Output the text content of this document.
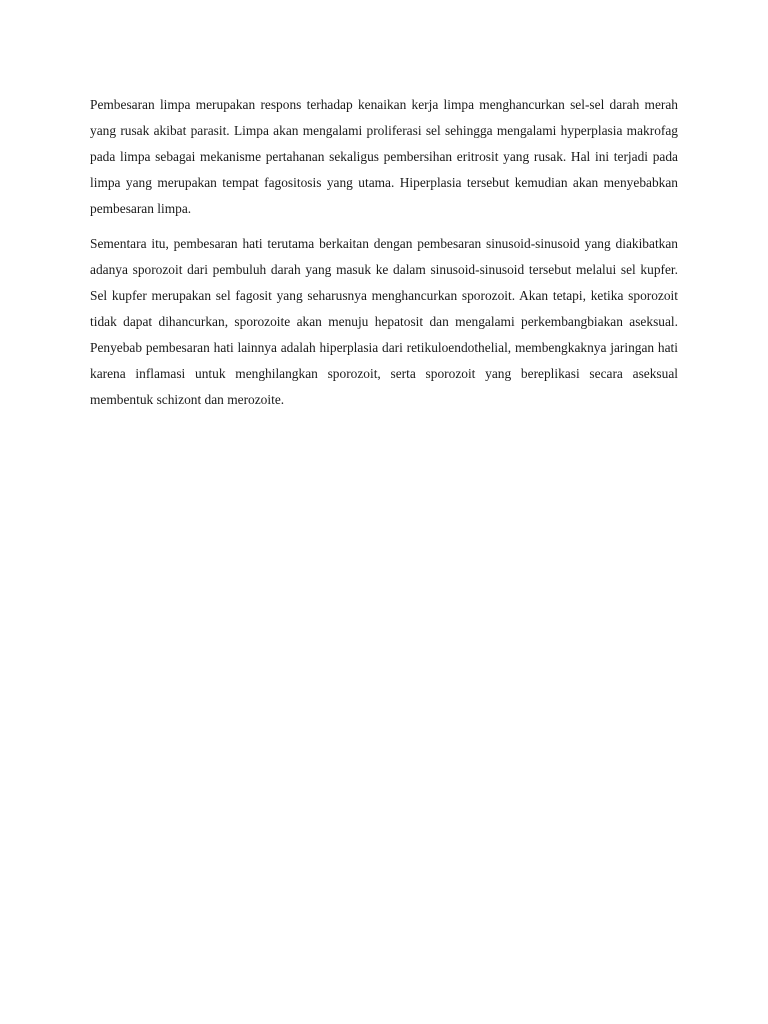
Pembesaran limpa merupakan respons terhadap kenaikan kerja limpa menghancurkan sel-sel darah merah yang rusak akibat parasit. Limpa akan mengalami proliferasi sel sehingga mengalami hyperplasia makrofag pada limpa sebagai mekanisme pertahanan sekaligus pembersihan eritrosit yang rusak. Hal ini terjadi pada limpa yang merupakan tempat fagositosis yang utama. Hiperplasia tersebut kemudian akan menyebabkan pembesaran limpa.

Sementara itu, pembesaran hati terutama berkaitan dengan pembesaran sinusoid-sinusoid yang diakibatkan adanya sporozoit dari pembuluh darah yang masuk ke dalam sinusoid-sinusoid tersebut melalui sel kupfer. Sel kupfer merupakan sel fagosit yang seharusnya menghancurkan sporozoit. Akan tetapi, ketika sporozoit tidak dapat dihancurkan, sporozoite akan menuju hepatosit dan mengalami perkembangbiakan aseksual. Penyebab pembesaran hati lainnya adalah hiperplasia dari retikuloendothelial, membengkaknya jaringan hati karena inflamasi untuk menghilangkan sporozoit, serta sporozoit yang bereplikasi secara aseksual membentuk schizont dan merozoite.
